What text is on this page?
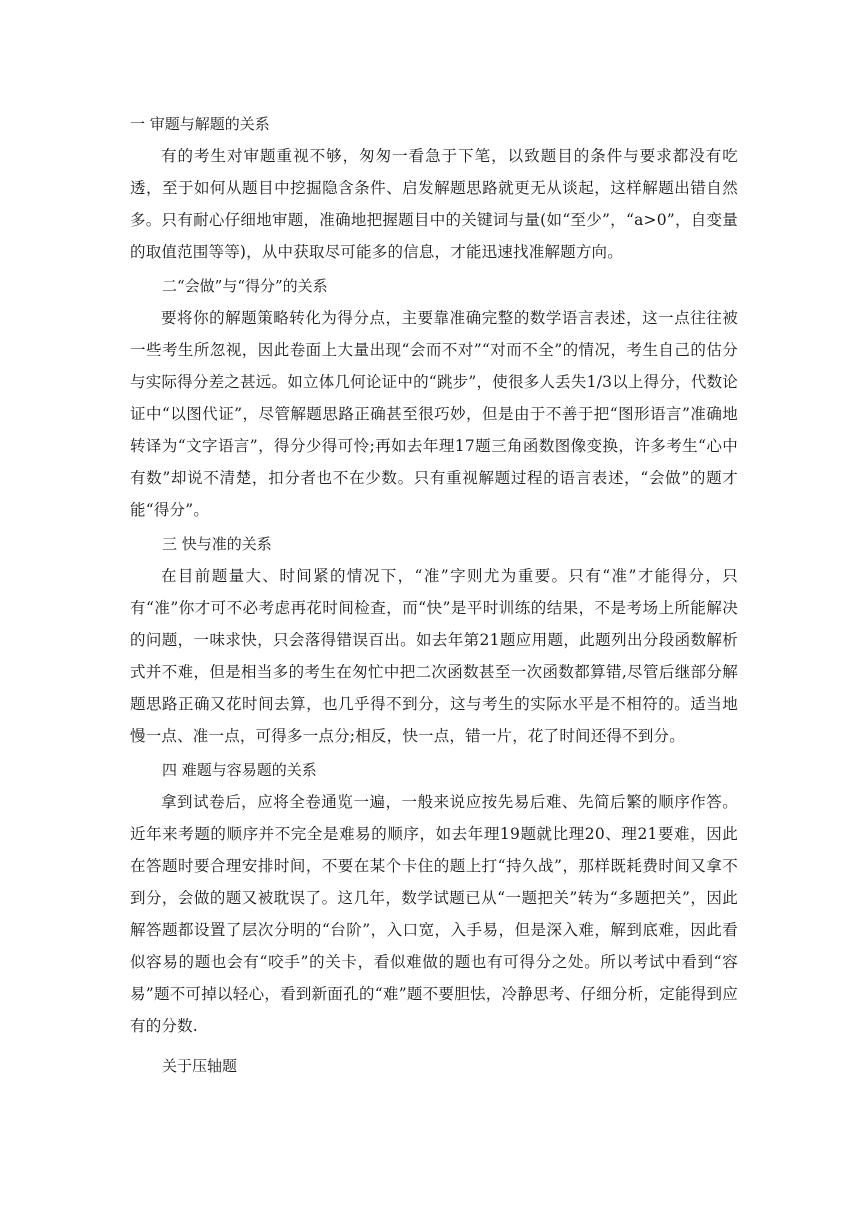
一 审题与解题的关系

有的考生对审题重视不够，匆匆一看急于下笔，以致题目的条件与要求都没有吃透，至于如何从题目中挖掘隐含条件、启发解题思路就更无从谈起，这样解题出错自然多。只有耐心仔细地审题，准确地把握题目中的关键词与量(如“至少”，“a>0”，自变量的取值范围等等)，从中获取尽可能多的信息，才能迅速找准解题方向。

二“会做”与“得分”的关系

要将你的解题策略转化为得分点，主要靠准确完整的数学语言表述，这一点往往被一些考生所忽视，因此卷面上大量出现“会而不对”“对而不全”的情况，考生自己的估分与实际得分差之甚远。如立体几何论证中的“跳步”，使很多人丢失1/3以上得分，代数论证中“以图代证”，尽管解题思路正确甚至很巧妙，但是由于不善于把“图形语言”准确地转译为“文字语言”，得分少得可怜;再如去年理17题三角函数图像变换，许多考生“心中有数”却说不清楚，扣分者也不在少数。只有重视解题过程的语言表述，“会做”的题才能“得分”。

三 快与准的关系

在目前题量大、时间紧的情况下，“准”字则尤为重要。只有“准”才能得分，只有“准”你才可不必考虑再花时间检查，而“快”是平时训练的结果，不是考场上所能解决的问题，一味求快，只会落得错误百出。如去年第21题应用题，此题列出分段函数解析式并不难，但是相当多的考生在匆忙中把二次函数甚至一次函数都算错,尽管后继部分解题思路正确又花时间去算，也几乎得不到分，这与考生的实际水平是不相符的。适当地慢一点、准一点，可得多一点分;相反，快一点，错一片，花了时间还得不到分。

四 难题与容易题的关系

拿到试卷后，应将全卷通览一遍，一般来说应按先易后难、先简后繁的顺序作答。近年来考题的顺序并不完全是难易的顺序，如去年理19题就比理20、理21要难，因此在答题时要合理安排时间，不要在某个卡住的题上打“持久战”，那样既耗费时间又拿不到分，会做的题又被耽误了。这几年，数学试题已从“一题把关”转为“多题把关”，因此解答题都设置了层次分明的“台阶”，入口宽，入手易，但是深入难，解到底难，因此看似容易的题也会有“咬手”的关卡，看似难做的题也有可得分之处。所以考试中看到“容易”题不可掉以轻心，看到新面孔的“难”题不要胆怯，冷静思考、仔细分析，定能得到应有的分数.

关于压轴题
